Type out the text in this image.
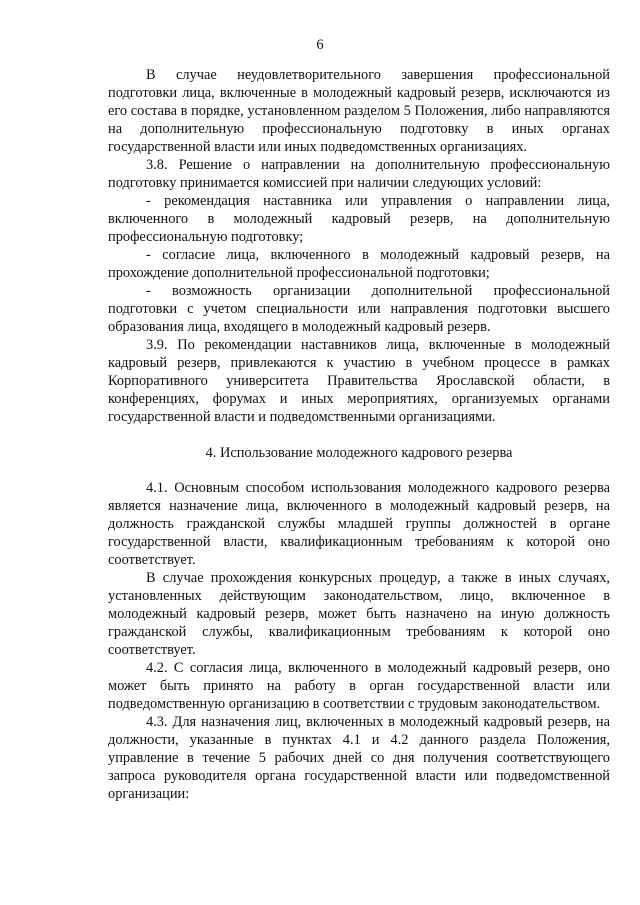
6

В случае неудовлетворительного завершения профессиональной подготовки лица, включенные в молодежный кадровый резерв, исключаются из его состава в порядке, установленном разделом 5 Положения, либо направляются на дополнительную профессиональную подготовку в иных органах государственной власти или иных подведомственных организациях.

3.8. Решение о направлении на дополнительную профессиональную подготовку принимается комиссией при наличии следующих условий:

- рекомендация наставника или управления о направлении лица, включенного в молодежный кадровый резерв, на дополнительную профессиональную подготовку;

- согласие лица, включенного в молодежный кадровый резерв, на прохождение дополнительной профессиональной подготовки;

- возможность организации дополнительной профессиональной подготовки с учетом специальности или направления подготовки высшего образования лица, входящего в молодежный кадровый резерв.

3.9. По рекомендации наставников лица, включенные в молодежный кадровый резерв, привлекаются к участию в учебном процессе в рамках Корпоративного университета Правительства Ярославской области, в конференциях, форумах и иных мероприятиях, организуемых органами государственной власти и подведомственными организациями.

4. Использование молодежного кадрового резерва

4.1. Основным способом использования молодежного кадрового резерва является назначение лица, включенного в молодежный кадровый резерв, на должность гражданской службы младшей группы должностей в органе государственной власти, квалификационным требованиям к которой оно соответствует.

В случае прохождения конкурсных процедур, а также в иных случаях, установленных действующим законодательством, лицо, включенное в молодежный кадровый резерв, может быть назначено на иную должность гражданской службы, квалификационным требованиям к которой оно соответствует.

4.2. С согласия лица, включенного в молодежный кадровый резерв, оно может быть принято на работу в орган государственной власти или подведомственную организацию в соответствии с трудовым законодательством.

4.3. Для назначения лиц, включенных в молодежный кадровый резерв, на должности, указанные в пунктах 4.1 и 4.2 данного раздела Положения, управление в течение 5 рабочих дней со дня получения соответствующего запроса руководителя органа государственной власти или подведомственной организации:
